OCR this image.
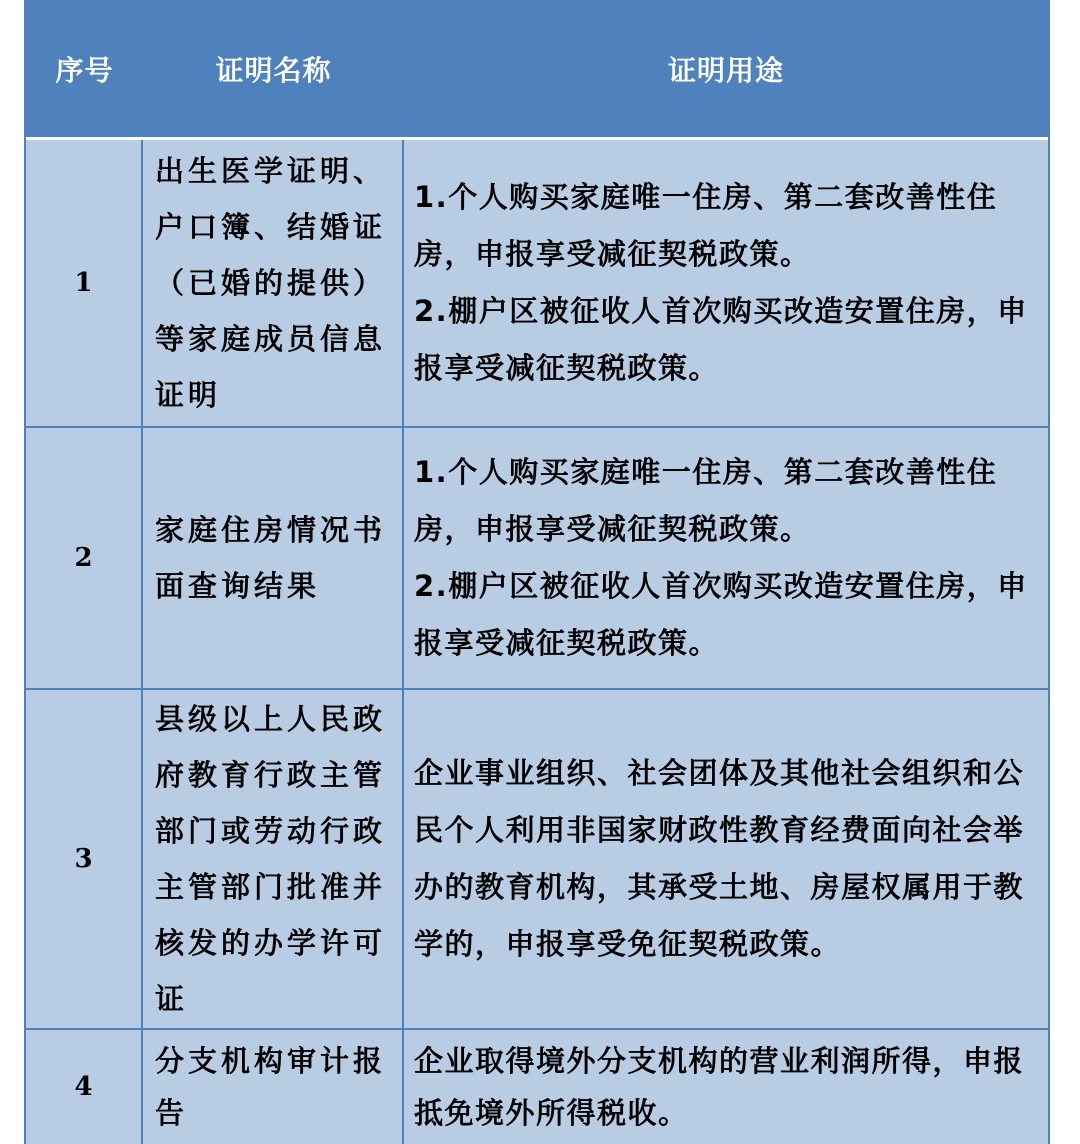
序号	证明名称	证明用途
1
出生医学证明、户口簿、结婚证（已婚的提供）等家庭成员信息证明
1.个人购买家庭唯一住房、第二套改善性住房，申报享受减征契税政策。
2.棚户区被征收人首次购买改造安置住房，申报享受减征契税政策。
2
家庭住房情况书面查询结果
1.个人购买家庭唯一住房、第二套改善性住房，申报享受减征契税政策。
2.棚户区被征收人首次购买改造安置住房，申报享受减征契税政策。
3
县级以上人民政府教育行政主管部门或劳动行政主管部门批准并核发的办学许可证
企业事业组织、社会团体及其他社会组织和公民个人利用非国家财政性教育经费面向社会举办的教育机构，其承受土地、房屋权属用于教学的，申报享受免征契税政策。
4
分支机构审计报告
企业取得境外分支机构的营业利润所得，申报抵免境外所得税收。
